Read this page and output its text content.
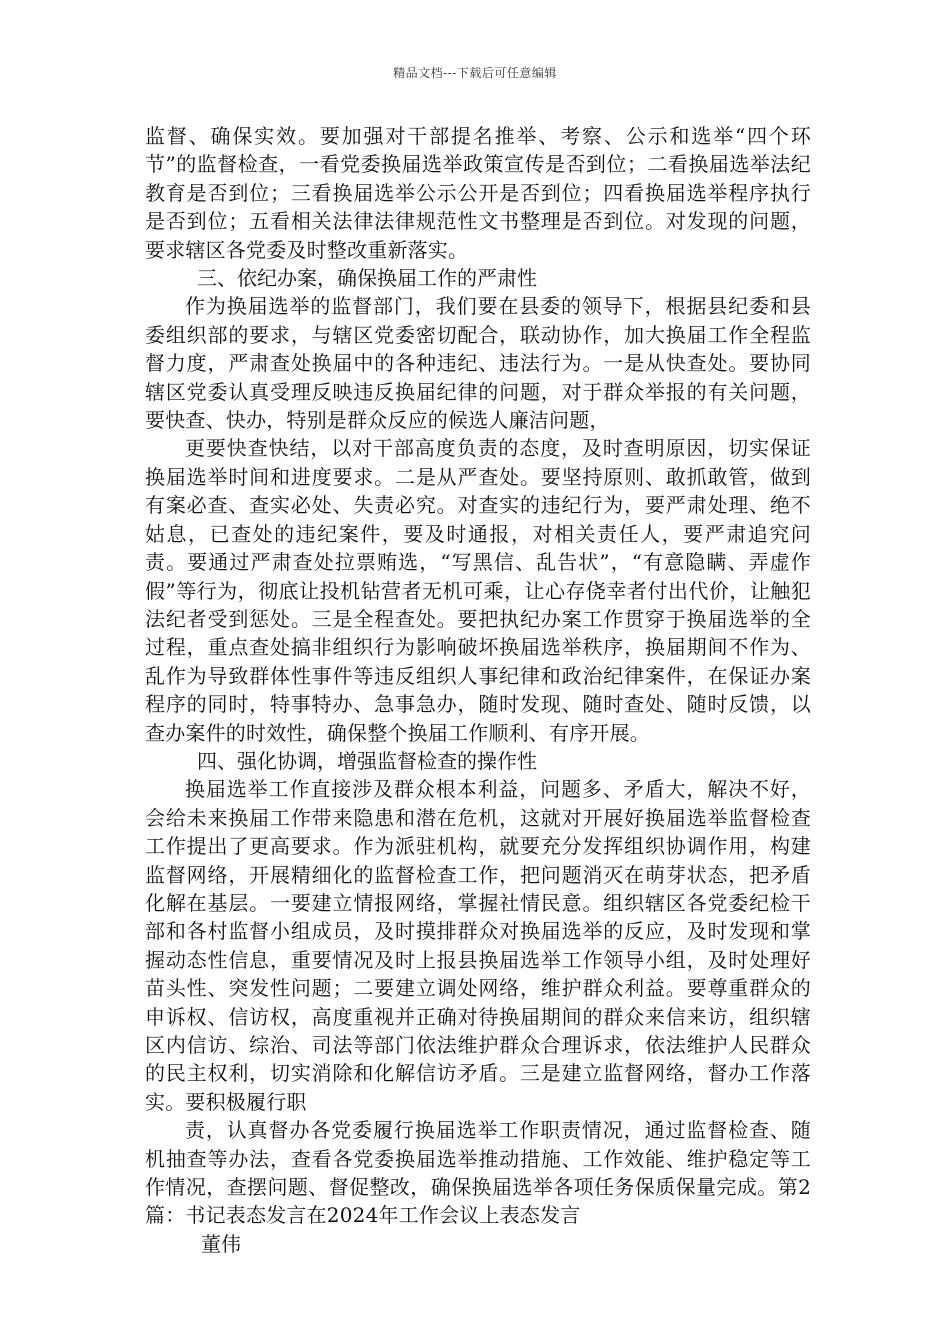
精品文档---下载后可任意编辑

监督、确保实效。要加强对干部提名推举、考察、公示和选举“四个环节”的监督检查，一看党委换届选举政策宣传是否到位；二看换届选举法纪教育是否到位；三看换届选举公示公开是否到位；四看换届选举程序执行是否到位；五看相关法律法律规范性文书整理是否到位。对发现的问题，要求辖区各党委及时整改重新落实。

三、依纪办案，确保换届工作的严肃性

作为换届选举的监督部门，我们要在县委的领导下，根据县纪委和县委组织部的要求，与辖区党委密切配合，联动协作，加大换届工作全程监督力度，严肃查处换届中的各种违纪、违法行为。一是从快查处。要协同辖区党委认真受理反映违反换届纪律的问题，对于群众举报的有关问题，要快查、快办，特别是群众反应的候选人廉洁问题，

更要快查快结，以对干部高度负责的态度，及时查明原因，切实保证换届选举时间和进度要求。二是从严查处。要坚持原则、敢抓敢管，做到有案必查、查实必处、失责必究。对查实的违纪行为，要严肃处理、绝不姑息，已查处的违纪案件，要及时通报，对相关责任人，要严肃追究问责。要通过严肃查处拉票贿选，“写黑信、乱告状”，“有意隐瞒、弄虚作假”等行为，彻底让投机钻营者无机可乘，让心存侥幸者付出代价，让触犯法纪者受到惩处。三是全程查处。要把执纪办案工作贯穿于换届选举的全过程，重点查处搞非组织行为影响破坏换届选举秩序，换届期间不作为、乱作为导致群体性事件等违反组织人事纪律和政治纪律案件，在保证办案程序的同时，特事特办、急事急办，随时发现、随时查处、随时反馈，以查办案件的时效性，确保整个换届工作顺利、有序开展。

四、强化协调，增强监督检查的操作性

换届选举工作直接涉及群众根本利益，问题多、矛盾大，解决不好，会给未来换届工作带来隐患和潜在危机，这就对开展好换届选举监督检查工作提出了更高要求。作为派驻机构，就要充分发挥组织协调作用，构建监督网络，开展精细化的监督检查工作，把问题消灭在萌芽状态，把矛盾化解在基层。一要建立情报网络，掌握社情民意。组织辖区各党委纪检干部和各村监督小组成员，及时摸排群众对换届选举的反应，及时发现和掌握动态性信息，重要情况及时上报县换届选举工作领导小组，及时处理好苗头性、突发性问题；二要建立调处网络，维护群众利益。要尊重群众的申诉权、信访权，高度重视并正确对待换届期间的群众来信来访，组织辖区内信访、综治、司法等部门依法维护群众合理诉求，依法维护人民群众的民主权利，切实消除和化解信访矛盾。三是建立监督网络，督办工作落实。要积极履行职

责，认真督办各党委履行换届选举工作职责情况，通过监督检查、随机抽查等办法，查看各党委换届选举推动措施、工作效能、维护稳定等工作情况，查摆问题、督促整改，确保换届选举各项任务保质保量完成。第2篇：书记表态发言在2024年工作会议上表态发言

董伟
